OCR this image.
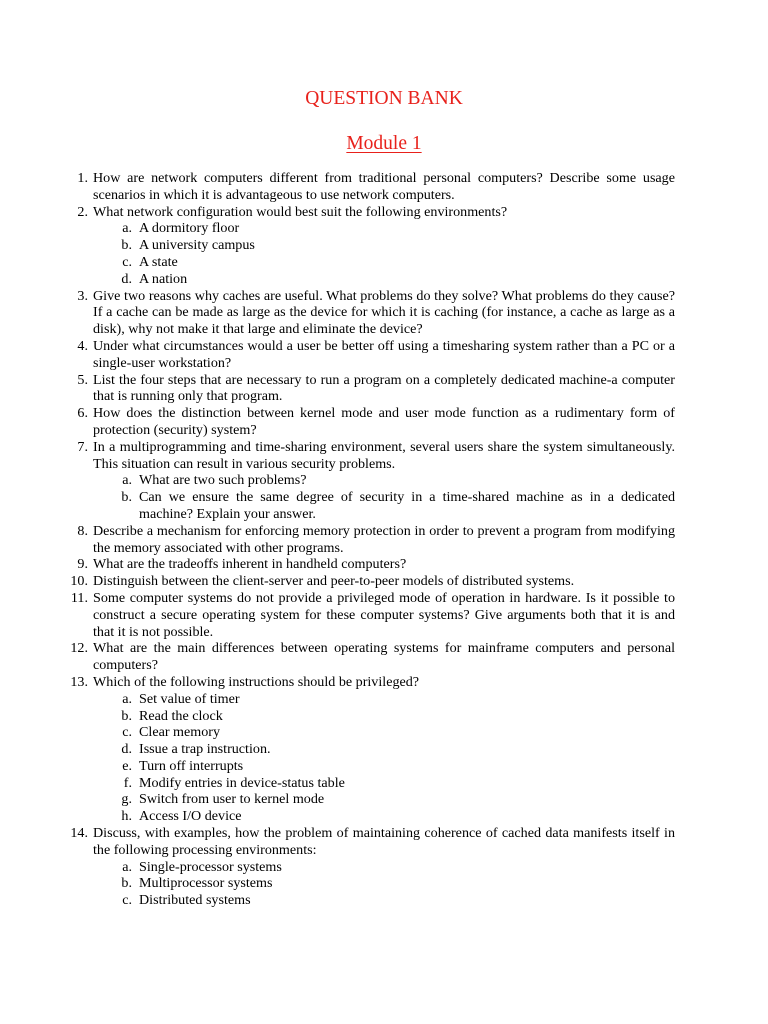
QUESTION BANK
Module 1
1. How are network computers different from traditional personal computers? Describe some usage scenarios in which it is advantageous to use network computers.
2. What network configuration would best suit the following environments?
a. A dormitory floor
b. A university campus
c. A state
d. A nation
3. Give two reasons why caches are useful. What problems do they solve? What problems do they cause? If a cache can be made as large as the device for which it is caching (for instance, a cache as large as a disk), why not make it that large and eliminate the device?
4. Under what circumstances would a user be better off using a timesharing system rather than a PC or a single-user workstation?
5. List the four steps that are necessary to run a program on a completely dedicated machine-a computer that is running only that program.
6. How does the distinction between kernel mode and user mode function as a rudimentary form of protection (security) system?
7. In a multiprogramming and time-sharing environment, several users share the system simultaneously. This situation can result in various security problems.
a. What are two such problems?
b. Can we ensure the same degree of security in a time-shared machine as in a dedicated machine? Explain your answer.
8. Describe a mechanism for enforcing memory protection in order to prevent a program from modifying the memory associated with other programs.
9. What are the tradeoffs inherent in handheld computers?
10. Distinguish between the client-server and peer-to-peer models of distributed systems.
11. Some computer systems do not provide a privileged mode of operation in hardware. Is it possible to construct a secure operating system for these computer systems? Give arguments both that it is and that it is not possible.
12. What are the main differences between operating systems for mainframe computers and personal computers?
13. Which of the following instructions should be privileged?
a. Set value of timer
b. Read the clock
c. Clear memory
d. Issue a trap instruction.
e. Turn off interrupts
f. Modify entries in device-status table
g. Switch from user to kernel mode
h. Access I/O device
14. Discuss, with examples, how the problem of maintaining coherence of cached data manifests itself in the following processing environments:
a. Single-processor systems
b. Multiprocessor systems
c. Distributed systems
